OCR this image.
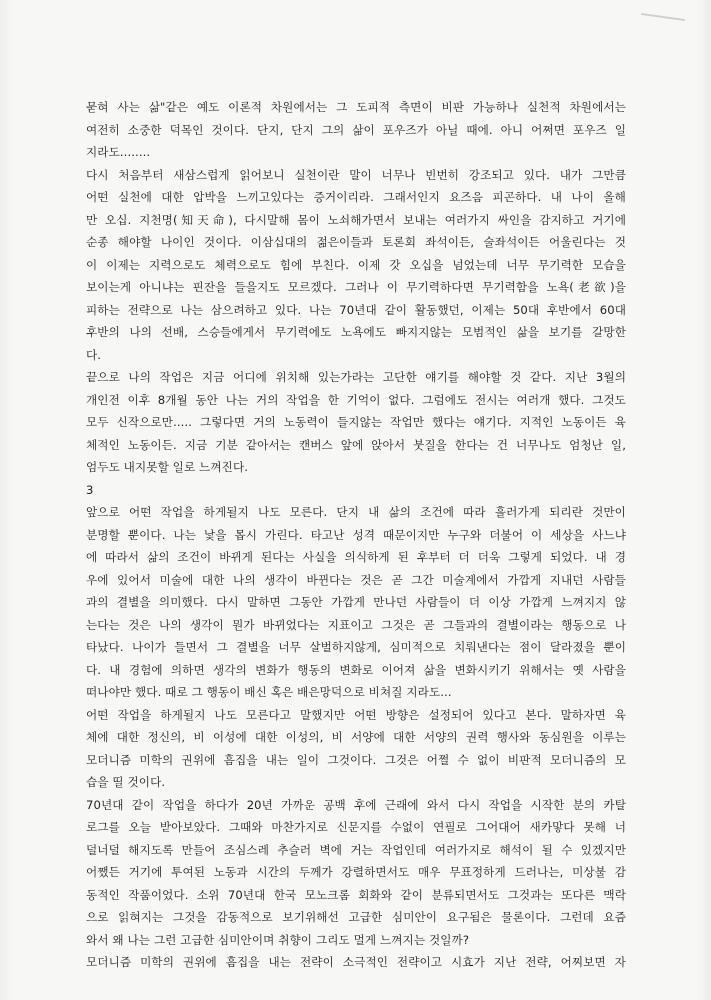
묻혀 사는 삶"같은 예도 이론적 차원에서는 그 도피적 측면이 비판 가능하나 실천적 차원에서는
여전히 소중한 덕목인 것이다. 단지, 단지 그의 삶이 포우즈가 아닐 때에. 아니 어쩌면 포우즈 일
지라도........
다시 처음부터 새삼스럽게 읽어보니 실천이란 말이 너무나 빈번히 강조되고 있다. 내가 그만큼
어떤 실천에 대한 압박을 느끼고있다는 증거이리라. 그래서인지 요즈음 피곤하다. 내 나이 올해
만 오십. 지천명(知天命), 다시말해 몸이 노쇠해가면서 보내는 여러가지 싸인을 감지하고 거기에
순종 해야할 나이인 것이다. 이삼십대의 젊은이들과 토론회 좌석이든, 술좌석이든 어울린다는 것
이 이제는 지력으로도 체력으로도 힘에 부친다. 이제 갓 오십을 넘었는데 너무 무기력한 모습을
보이는게 아니냐는 핀잔을 들을지도 모르겠다. 그러나 이 무기력하다면 무기력함을 노욕(老欲)을
피하는 전략으로 나는 삼으려하고 있다. 나는 70년대 같이 활동했던, 이제는 50대 후반에서 60대
후반의 나의 선배, 스승들에게서 무기력에도 노욕에도 빠지지않는 모범적인 삶을 보기를 갈망한
다.
끝으로 나의 작업은 지금 어디에 위치해 있는가라는 고단한 얘기를 해야할 것 같다. 지난 3월의
개인전 이후 8개월 동안 나는 거의 작업을 한 기억이 없다. 그럼에도 전시는 여러개 했다. 그것도
모두 신작으로만..... 그렇다면 거의 노동력이 들지않는 작업만 했다는 얘기다. 지적인 노동이든 육
체적인 노동이든. 지금 기분 같아서는 캔버스 앞에 앉아서 붓질을 한다는 건 너무나도 엄청난 일,
엄두도 내지못할 일로 느껴진다.
3
앞으로 어떤 작업을 하게될지 나도 모른다. 단지 내 삶의 조건에 따라 흘러가게 되리란 것만이
분명할 뿐이다. 나는 낯을 몹시 가린다. 타고난 성격 때문이지만 누구와 더불어 이 세상을 사느냐
에 따라서 삶의 조건이 바뀌게 된다는 사실을 의식하게 된 후부터 더 더욱 그렇게 되었다. 내 경
우에 있어서 미술에 대한 나의 생각이 바뀐다는 것은 곧 그간 미술계에서 가깝게 지내던 사람들
과의 결별을 의미했다. 다시 말하면 그동안 가깝게 만나던 사람들이 더 이상 가깝게 느껴지지 않
는다는 것은 나의 생각이 뭔가 바뀌었다는 지표이고 그것은 곧 그들과의 결별이라는 행동으로 나
타났다. 나이가 들면서 그 결별을 너무 살벌하지않게, 심미적으로 치뤄낸다는 점이 달라졌을 뿐이
다. 내 경험에 의하면 생각의 변화가 행동의 변화로 이어져 삶을 변화시키기 위해서는 옛 사람을
떠나야만 했다. 때로 그 행동이 배신 혹은 배은망덕으로 비쳐질 지라도...
어떤 작업을 하게될지 나도 모른다고 말했지만 어떤 방향은 설정되어 있다고 본다. 말하자면 육
체에 대한 정신의, 비 이성에 대한 이성의, 비 서양에 대한 서양의 권력 행사와 동심원을 이루는
모더니즘 미학의 권위에 흠집을 내는 일이 그것이다. 그것은 어쩔 수 없이 비판적 모더니즘의 모
습을 띨 것이다.
70년대 같이 작업을 하다가 20년 가까운 공백 후에 근래에 와서 다시 작업을 시작한 분의 카탈
로그를 오늘 받아보았다. 그때와 마찬가지로 신문지를 수없이 연필로 그어대어 새카맣다 못해 너
덜너덜 해지도록 만들어 조심스레 추슬러 벽에 거는 작업인데 여러가지로 해석이 될 수 있겠지만
어쨌든 거기에 투여된 노동과 시간의 두께가 강렬하면서도 매우 무표정하게 드러나는, 미상불 감
동적인 작품이었다. 소위 70년대 한국 모노크롬 회화와 같이 분류되면서도 그것과는 또다른 맥락
으로 읽혀지는 그것을 감동적으로 보기위해선 고급한 심미안이 요구됨은 물론이다. 그런데 요즘
와서 왜 나는 그런 고급한 심미안이며 취향이 그리도 멀게 느껴지는 것일까?
모더니즘 미학의 권위에 흠집을 내는 전략이 소극적인 전략이고 시효가 지난 전략, 어찌보면 자
